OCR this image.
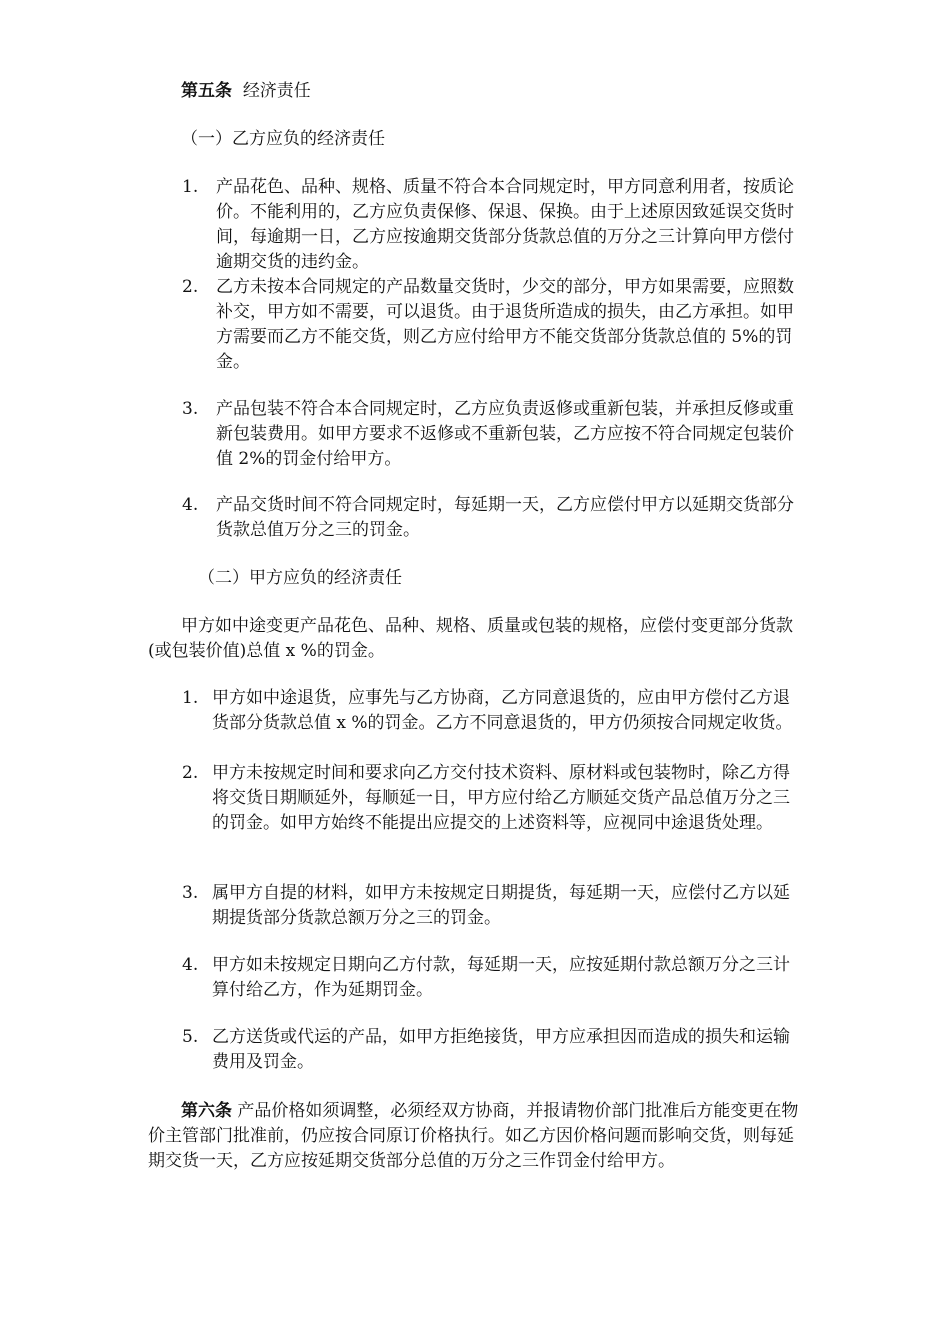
第五条 经济责任

（一）乙方应负的经济责任

1. 产品花色、品种、规格、质量不符合本合同规定时，甲方同意利用者，按质论价。不能利用的，乙方应负责保修、保退、保换。由于上述原因致延误交货时间，每逾期一日，乙方应按逾期交货部分货款总值的万分之三计算向甲方偿付逾期交货的违约金。
2. 乙方未按本合同规定的产品数量交货时，少交的部分，甲方如果需要，应照数补交，甲方如不需要，可以退货。由于退货所造成的损失，由乙方承担。如甲方需要而乙方不能交货，则乙方应付给甲方不能交货部分货款总值的 5%的罚金。
3. 产品包装不符合本合同规定时，乙方应负责返修或重新包装，并承担反修或重新包装费用。如甲方要求不返修或不重新包装，乙方应按不符合同规定包装价值 2%的罚金付给甲方。
4. 产品交货时间不符合同规定时，每延期一天，乙方应偿付甲方以延期交货部分货款总值万分之三的罚金。

（二）甲方应负的经济责任

甲方如中途变更产品花色、品种、规格、质量或包装的规格，应偿付变更部分货款(或包装价值)总值 x %的罚金。

1. 甲方如中途退货，应事先与乙方协商，乙方同意退货的，应由甲方偿付乙方退货部分货款总值 x %的罚金。乙方不同意退货的，甲方仍须按合同规定收货。
2. 甲方未按规定时间和要求向乙方交付技术资料、原材料或包装物时，除乙方得将交货日期顺延外，每顺延一日，甲方应付给乙方顺延交货产品总值万分之三的罚金。如甲方始终不能提出应提交的上述资料等，应视同中途退货处理。
3. 属甲方自提的材料，如甲方未按规定日期提货，每延期一天，应偿付乙方以延期提货部分货款总额万分之三的罚金。
4. 甲方如未按规定日期向乙方付款，每延期一天，应按延期付款总额万分之三计算付给乙方，作为延期罚金。
5. 乙方送货或代运的产品，如甲方拒绝接货，甲方应承担因而造成的损失和运输费用及罚金。

第六条 产品价格如须调整，必须经双方协商，并报请物价部门批准后方能变更在物价主管部门批准前，仍应按合同原订价格执行。如乙方因价格问题而影响交货，则每延期交货一天，乙方应按延期交货部分总值的万分之三作罚金付给甲方。
